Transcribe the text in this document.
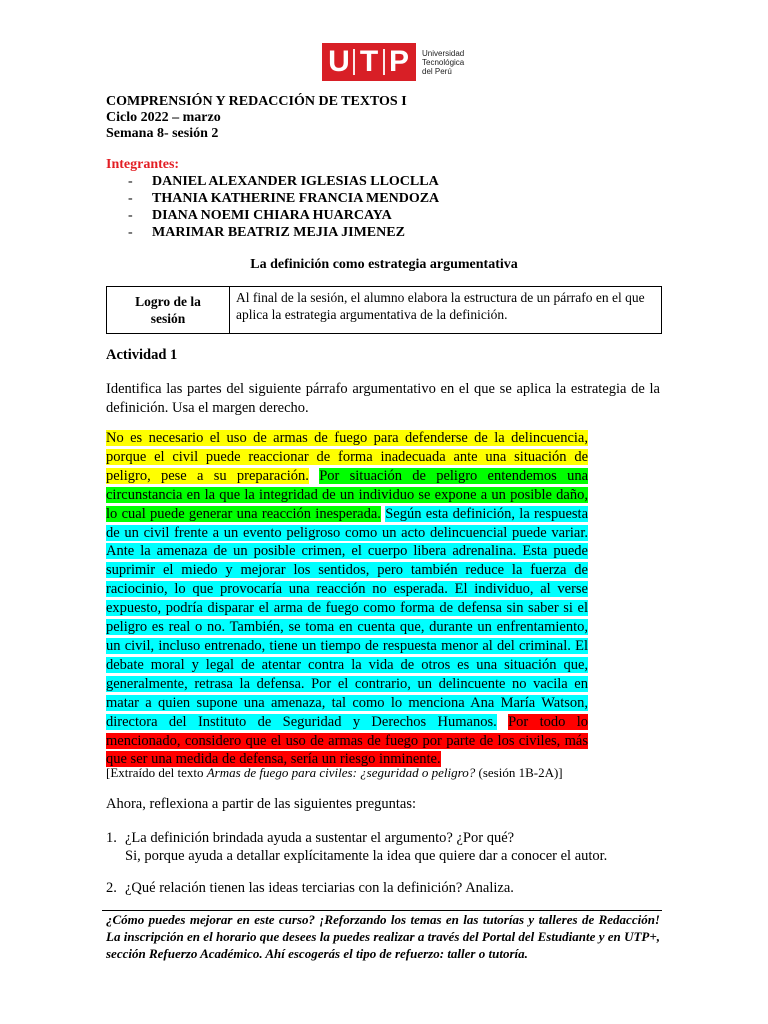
U T P Universidad
Tecnológica
del Perú
COMPRENSIÓN Y REDACCIÓN DE TEXTOS I
Ciclo 2022 – marzo
Semana 8- sesión 2
Integrantes:
- DANIEL ALEXANDER IGLESIAS LLOCLLA
- THANIA KATHERINE FRANCIA MENDOZA
- DIANA NOEMI CHIARA HUARCAYA
- MARIMAR BEATRIZ MEJIA JIMENEZ
La definición como estrategia argumentativa
Logro de la
sesión
	Al final de la sesión, el alumno elabora la estructura de un párrafo en el que aplica la estrategia argumentativa de la definición.
Actividad 1
Identifica las partes del siguiente párrafo argumentativo en el que se aplica la estrategia de la definición. Usa el margen derecho.
No es necesario el uso de armas de fuego para defenderse de la delincuencia, porque el civil puede reaccionar de forma inadecuada ante una situación de peligro, pese a su preparación. Por situación de peligro entendemos una circunstancia en la que la integridad de un individuo se expone a un posible daño, lo cual puede generar una reacción inesperada. Según esta definición, la respuesta de un civil frente a un evento peligroso como un acto delincuencial puede variar. Ante la amenaza de un posible crimen, el cuerpo libera adrenalina. Esta puede suprimir el miedo y mejorar los sentidos, pero también reduce la fuerza de raciocinio, lo que provocaría una reacción no esperada. El individuo, al verse expuesto, podría disparar el arma de fuego como forma de defensa sin saber si el peligro es real o no. También, se toma en cuenta que, durante un enfrentamiento, un civil, incluso entrenado, tiene un tiempo de respuesta menor al del criminal. El debate moral y legal de atentar contra la vida de otros es una situación que, generalmente, retrasa la defensa. Por el contrario, un delincuente no vacila en matar a quien supone una amenaza, tal como lo menciona Ana María Watson, directora del Instituto de Seguridad y Derechos Humanos. Por todo lo mencionado, considero que el uso de armas de fuego por parte de los civiles, más que ser una medida de defensa, sería un riesgo inminente.
[Extraído del texto Armas de fuego para civiles: ¿seguridad o peligro? (sesión 1B-2A)]
Ahora, reflexiona a partir de las siguientes preguntas:
1. ¿La definición brindada ayuda a sustentar el argumento? ¿Por qué?
Si, porque ayuda a detallar explícitamente la idea que quiere dar a conocer el autor.
2. ¿Qué relación tienen las ideas terciarias con la definición? Analiza.
¿Cómo puedes mejorar en este curso? ¡Reforzando los temas en las tutorías y talleres de Redacción! La inscripción en el horario que desees la puedes realizar a través del Portal del Estudiante y en UTP+, sección Refuerzo Académico. Ahí escogerás el tipo de refuerzo: taller o tutoría.
